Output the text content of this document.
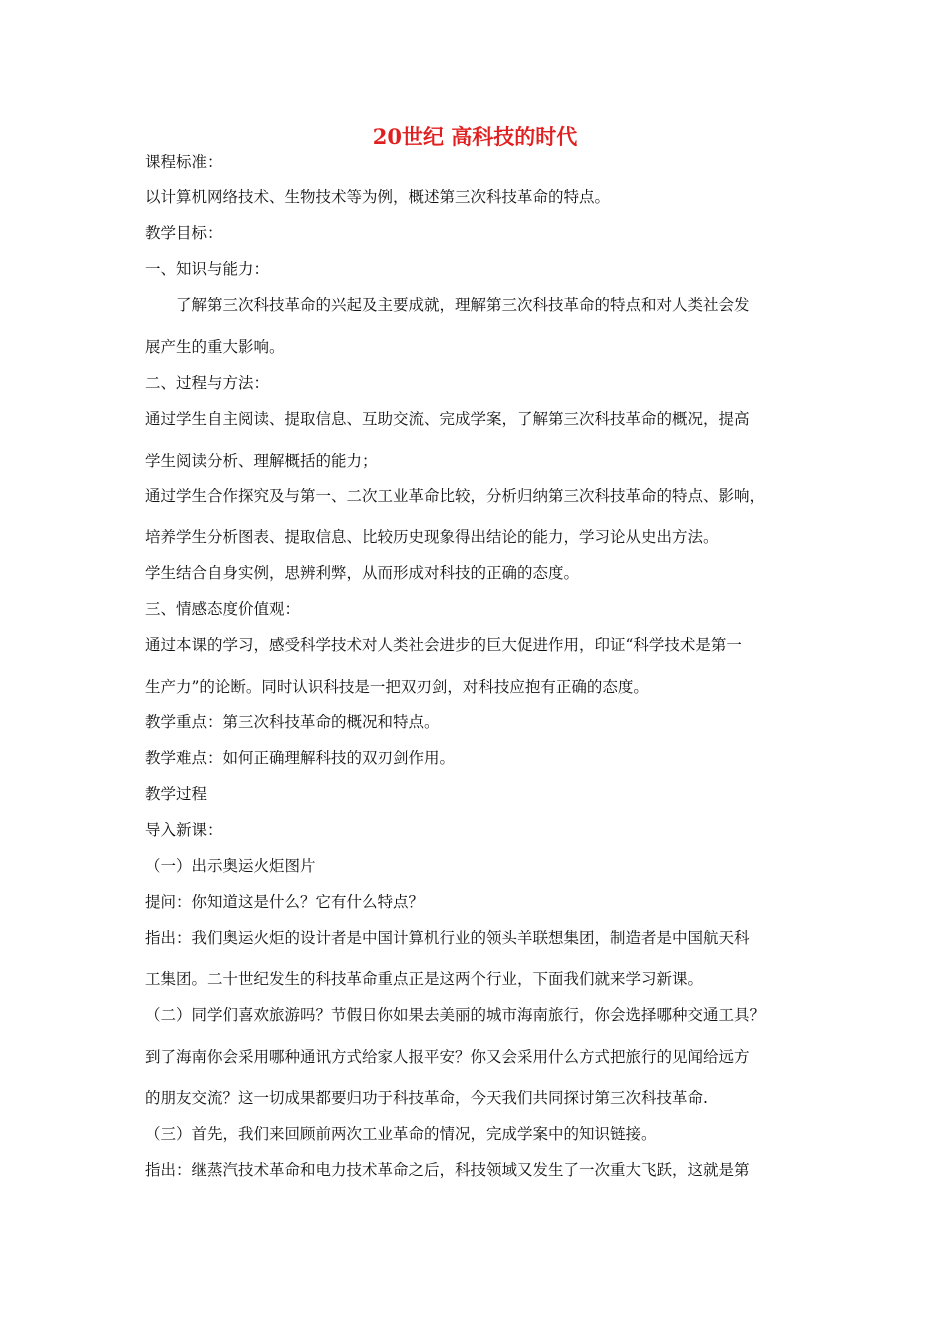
20世纪 高科技的时代
课程标准：
以计算机网络技术、生物技术等为例，概述第三次科技革命的特点。
教学目标：
一、知识与能力：
了解第三次科技革命的兴起及主要成就，理解第三次科技革命的特点和对人类社会发
展产生的重大影响。
二、过程与方法：
通过学生自主阅读、提取信息、互助交流、完成学案，了解第三次科技革命的概况，提高
学生阅读分析、理解概括的能力；
通过学生合作探究及与第一、二次工业革命比较，分析归纳第三次科技革命的特点、影响，
培养学生分析图表、提取信息、比较历史现象得出结论的能力，学习论从史出方法。
学生结合自身实例，思辨利弊，从而形成对科技的正确的态度。
三、情感态度价值观：
通过本课的学习，感受科学技术对人类社会进步的巨大促进作用，印证“科学技术是第一
生产力”的论断。同时认识科技是一把双刃剑，对科技应抱有正确的态度。
教学重点：第三次科技革命的概况和特点。
教学难点：如何正确理解科技的双刃剑作用。
教学过程
导入新课：
（一）出示奥运火炬图片
提问：你知道这是什么？它有什么特点？
指出：我们奥运火炬的设计者是中国计算机行业的领头羊联想集团，制造者是中国航天科
工集团。二十世纪发生的科技革命重点正是这两个行业，下面我们就来学习新课。
（二）同学们喜欢旅游吗？节假日你如果去美丽的城市海南旅行，你会选择哪种交通工具？
到了海南你会采用哪种通讯方式给家人报平安？你又会采用什么方式把旅行的见闻给远方
的朋友交流？这一切成果都要归功于科技革命，今天我们共同探讨第三次科技革命.
（三）首先，我们来回顾前两次工业革命的情况，完成学案中的知识链接。
指出：继蒸汽技术革命和电力技术革命之后，科技领域又发生了一次重大飞跃，这就是第
